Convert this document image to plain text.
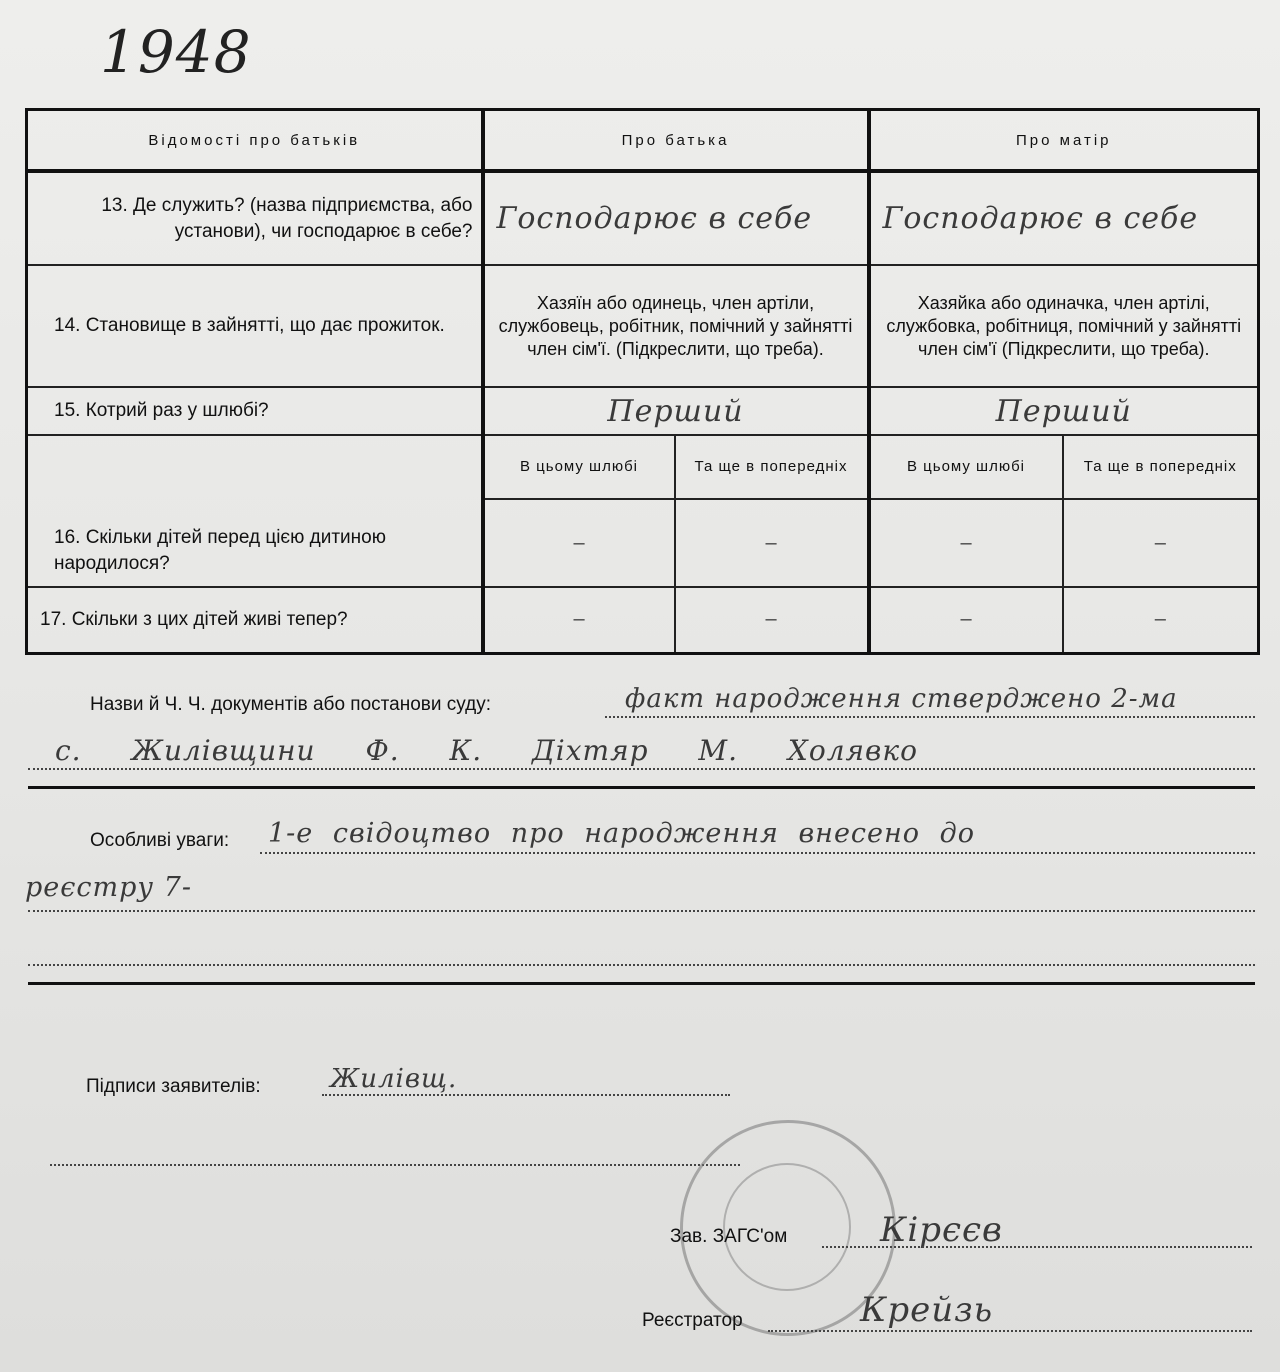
1948
Відомості про батьків	Про батька		Про матір	
13. Де служить? (назва підприємства, або установи), чи господарює в себе?	Господарює в себе		Господарює в себе	
14. Становище в зайнятті, що дає прожиток.	Хазяїн або одинець, член артіли, службовець, робітник, помічний у зайнятті член сім'ї. (Підкреслити, що треба).		Хазяйка або одиначка, член артілі, службовка, робітниця, помічний у зайнятті член сім'ї (Підкреслити, що треба).	
15. Котрий раз у шлюбі?	Перший		Перший	
16. Скільки дітей перед цією дитиною народилося?	В цьому шлюбі	Та ще в попередніх	В цьому шлюбі	Та ще в попередніх
	–	–	–	–
17. Скільки з цих дітей живі тепер?	–	–	–	–
Назви й Ч. Ч. документів або постанови суду:	факт народження стверджено 2-ма
с. Жилівщини Ф. К. Діхтяр М. Холявко
Особливі уваги: 1-е свідоцтво про народження внесено до
реєстру 7-
Підписи заявителів:	Жилівщ.
Зав. ЗАГС'ом	Кірєєв
Реєстратор	Крейзь
